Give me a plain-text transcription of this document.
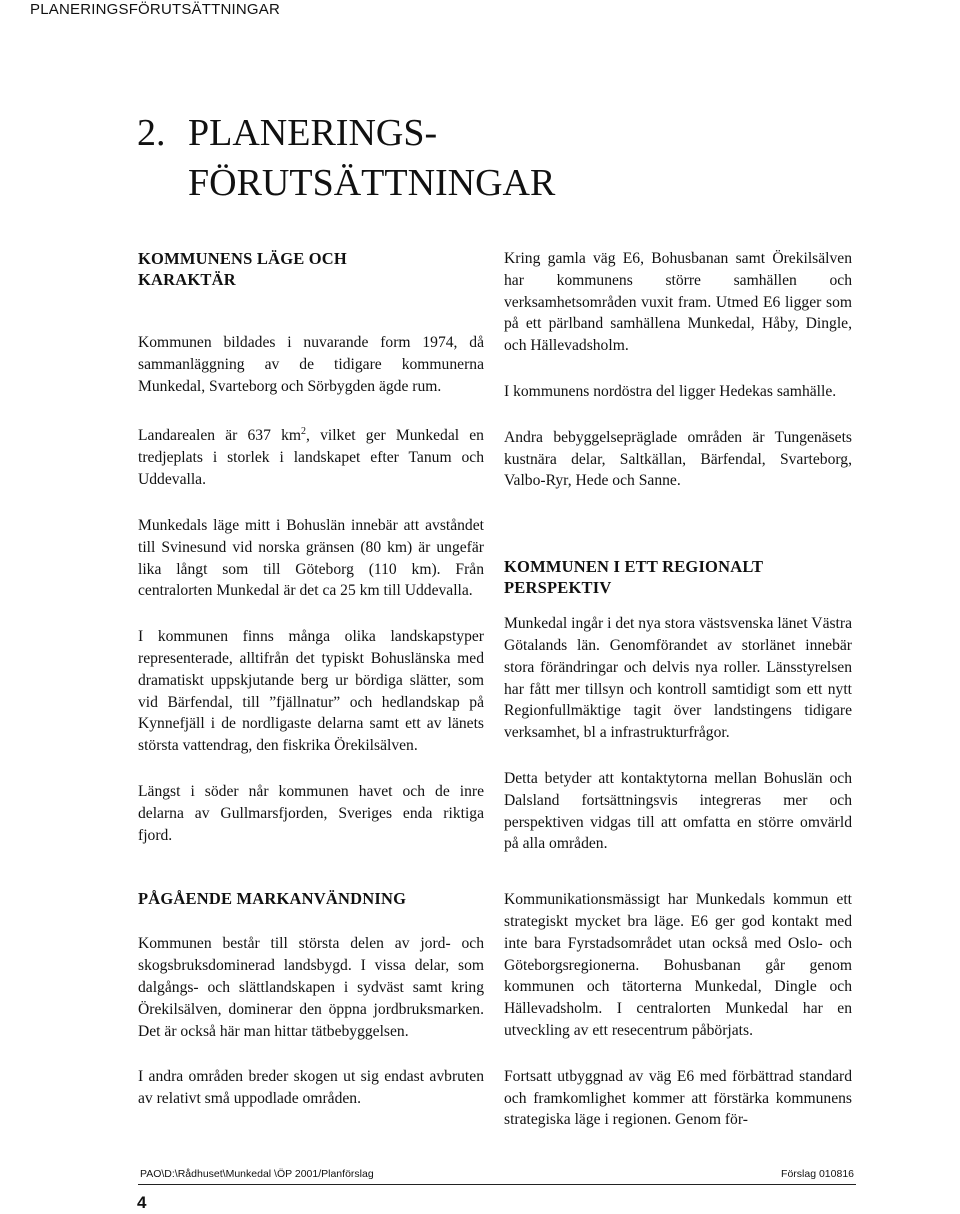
PLANERINGSFÖRUTSÄTTNINGAR
2. PLANERINGS-
FÖRUTSÄTTNINGAR
KOMMUNENS LÄGE OCH
KARAKTÄR

Kommunen bildades i nuvarande form 1974, då sammanläggning av de tidigare kommunerna Munkedal, Svarteborg och Sörbygden ägde rum.

Landarealen är 637 $km^2$, vilket ger Munkedal en tredjeplats i storlek i landskapet efter Tanum och Uddevalla.

Munkedals läge mitt i Bohuslän innebär att avståndet till Svinesund vid norska gränsen (80 km) är ungefär lika långt som till Göteborg (110 km). Från centralorten Munkedal är det ca 25 km till Uddevalla.

I kommunen finns många olika landskapstyper representerade, alltifrån det typiskt Bohuslänska med dramatiskt uppskjutande berg ur bördiga slätter, som vid Bärfendal, till ”fjällnatur” och hedlandskap på Kynnefjäll i de nordligaste delarna samt ett av länets största vattendrag, den fiskrika Örekilsälven.

Längst i söder når kommunen havet och de inre delarna av Gullmarsfjorden, Sveriges enda riktiga fjord.

PÅGÅENDE MARKANVÄNDNING

Kommunen består till största delen av jord- och skogsbruksdominerad landsbygd. I vissa delar, som dalgångs- och slättlandskapen i sydväst samt kring Örekilsälven, dominerar den öppna jordbruksmarken. Det är också här man hittar tätbebyggelsen.

I andra områden breder skogen ut sig endast avbruten av relativt små uppodlade områden.

Kring gamla väg E6, Bohusbanan samt Örekilsälven har kommunens större samhällen och verksamhetsområden vuxit fram. Utmed E6 ligger som på ett pärlband samhällena Munkedal, Håby, Dingle, och Hällevadsholm.

I kommunens nordöstra del ligger Hedekas samhälle.

Andra bebyggelsepräglade områden är Tungenäsets kustnära delar, Saltkällan, Bärfendal, Svarteborg, Valbo-Ryr, Hede och Sanne.

KOMMUNEN I ETT REGIONALT
PERSPEKTIV

Munkedal ingår i det nya stora västsvenska länet Västra Götalands län. Genomförandet av storlänet innebär stora förändringar och delvis nya roller. Länsstyrelsen har fått mer tillsyn och kontroll samtidigt som ett nytt Regionfullmäktige tagit över landstingens tidigare verksamhet, bl a infrastrukturfrågor.

Detta betyder att kontaktytorna mellan Bohuslän och Dalsland fortsättningsvis integreras mer och perspektiven vidgas till att omfatta en större omvärld på alla områden.

Kommunikationsmässigt har Munkedals kommun ett strategiskt mycket bra läge. E6 ger god kontakt med inte bara Fyrstadsområdet utan också med Oslo- och Göteborgsregionerna. Bohusbanan går genom kommunen och tätorterna Munkedal, Dingle och Hällevadsholm. I centralorten Munkedal har en utveckling av ett resecentrum påbörjats.

Fortsatt utbyggnad av väg E6 med förbättrad standard och framkomlighet kommer att förstärka kommunens strategiska läge i regionen. Genom för-

PAO\D:\Rådhuset\Munkedal \ÖP 2001/Planförslag	Förslag 010816
4
